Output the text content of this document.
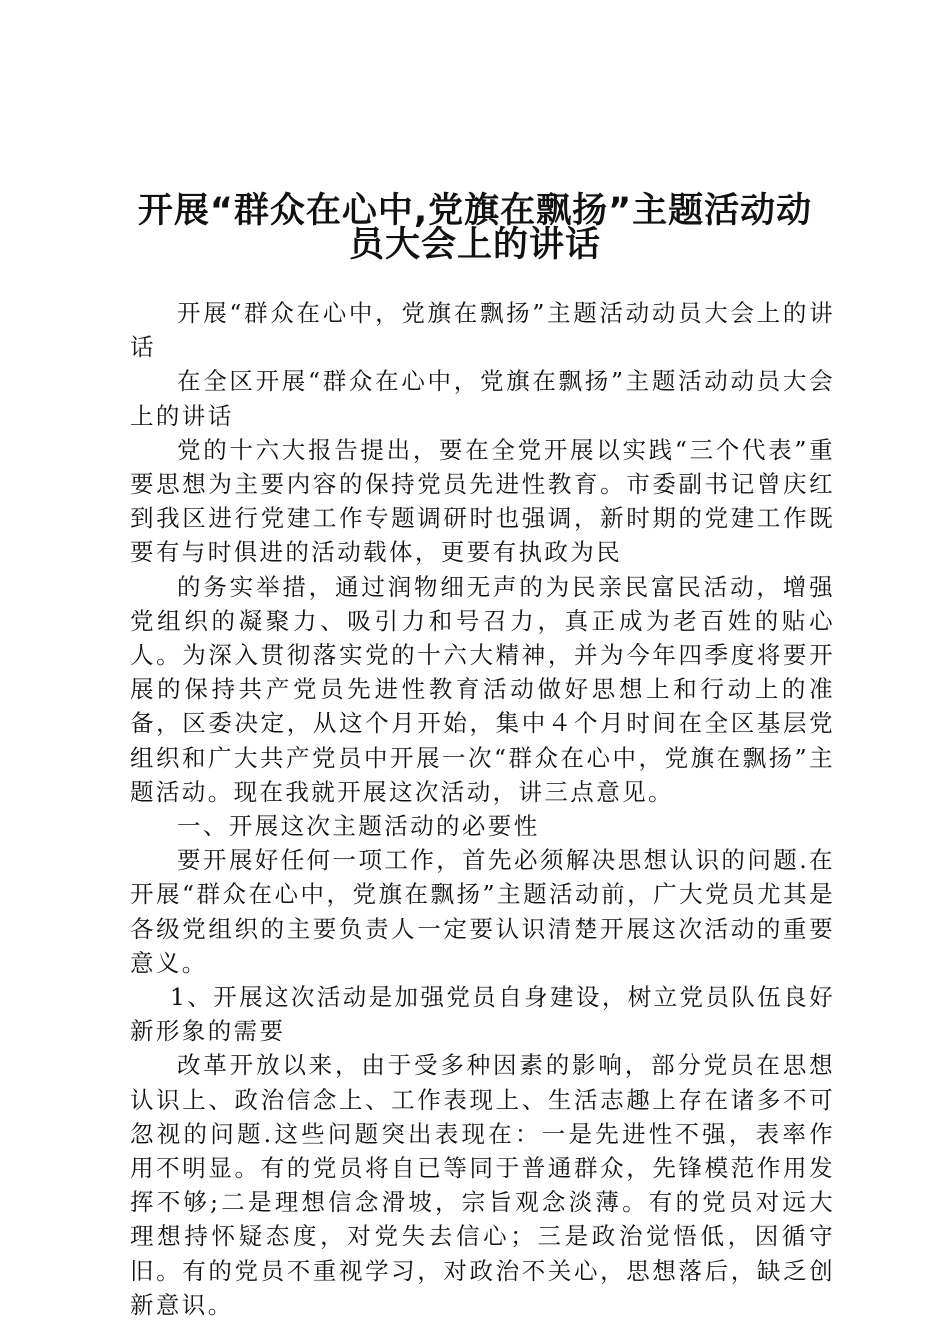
开展“群众在心中,党旗在飘扬”主题活动动
员大会上的讲话

开展“群众在心中，党旗在飘扬”主题活动动员大会上的讲话

在全区开展“群众在心中，党旗在飘扬”主题活动动员大会上的讲话

党的十六大报告提出，要在全党开展以实践“三个代表”重要思想为主要内容的保持党员先进性教育。市委副书记曾庆红到我区进行党建工作专题调研时也强调，新时期的党建工作既要有与时俱进的活动载体，更要有执政为民

的务实举措，通过润物细无声的为民亲民富民活动，增强党组织的凝聚力、吸引力和号召力，真正成为老百姓的贴心人。为深入贯彻落实党的十六大精神，并为今年四季度将要开展的保持共产党员先进性教育活动做好思想上和行动上的准备，区委决定，从这个月开始，集中４个月时间在全区基层党组织和广大共产党员中开展一次“群众在心中，党旗在飘扬”主题活动。现在我就开展这次活动，讲三点意见。

一、开展这次主题活动的必要性

要开展好任何一项工作，首先必须解决思想认识的问题.在开展“群众在心中，党旗在飘扬”主题活动前，广大党员尤其是各级党组织的主要负责人一定要认识清楚开展这次活动的重要意义。

1、开展这次活动是加强党员自身建设，树立党员队伍良好新形象的需要

改革开放以来，由于受多种因素的影响，部分党员在思想认识上、政治信念上、工作表现上、生活志趣上存在诸多不可忽视的问题.这些问题突出表现在：一是先进性不强，表率作用不明显。有的党员将自已等同于普通群众，先锋模范作用发挥不够;二是理想信念滑坡，宗旨观念淡薄。有的党员对远大理想持怀疑态度，对党失去信心；三是政治觉悟低，因循守旧。有的党员不重视学习，对政治不关心，思想落后，缺乏创新意识。
